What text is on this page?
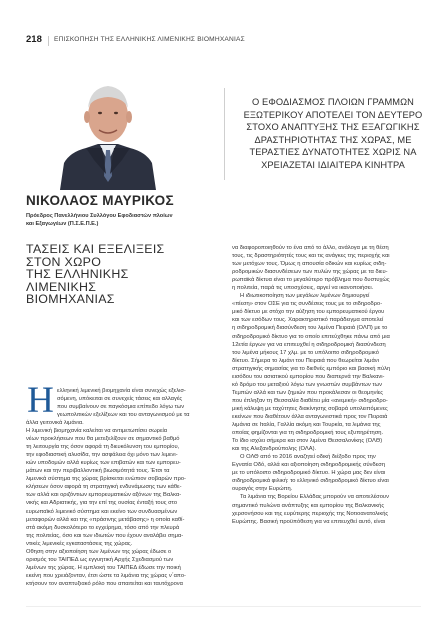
218 ΕΠΙΣΚΟΠΗΣΗ ΤΗΣ ΕΛΛΗΝΙΚΗΣ ΛΙΜΕΝΙΚΗΣ ΒΙΟΜΗΧΑΝΙΑΣ
Ο ΕΦΟΔΙΑΣΜΟΣ ΠΛΟΙΩΝ ΓΡΑΜΜΩΝ
ΕΞΩΤΕΡΙΚΟΥ ΑΠΟΤΕΛΕΙ ΤΟΝ ΔΕΥΤΕΡΟ
ΣΤΟΧΟ ΑΝΑΠΤΥΞΗΣ ΤΗΣ ΕΞΑΓΩΓΙΚΗΣ
ΔΡΑΣΤΗΡΙΟΤΗΤΑΣ ΤΗΣ ΧΩΡΑΣ, ΜΕ
ΤΕΡΑΣΤΙΕΣ ΔΥΝΑΤΟΤΗΤΕΣ ΧΩΡΙΣ ΝΑ
ΧΡΕΙΑΖΕΤΑΙ ΙΔΙΑΙΤΕΡΑ ΚΙΝΗΤΡΑ
ΝΙΚΟΛΑΟΣ ΜΑΥΡΙΚΟΣ
Πρόεδρος Πανελλήνιου Συλλόγου Εφοδιαστών πλοίων
και Εξαγωγέων (Π.Σ.Ε.Π.Ε.)
ΤΑΣΕΙΣ ΚΑΙ ΕΞΕΛΙΞΕΙΣ
ΣΤΟΝ ΧΩΡΟ
ΤΗΣ ΕΛΛΗΝΙΚΗΣ
ΛΙΜΕΝΙΚΗΣ
ΒΙΟΜΗΧΑΝΙΑΣ
Η ελληνική λιμενική βιομηχανία είναι συνεχώς εξελισ-
σόμενη, υπόκειται σε συνεχείς τάσεις και αλλαγές
που συμβαίνουν σε παγκόσμια επίπεδο λόγω των
γεωπολιτικών εξελίξεων και του ανταγωνισμού με τα
άλλα γειτονικά λιμάνια.
Η λιμενική βιομηχανία καλείται να αντιμετωπίσει σωρεία
νέων προκλήσεων που θα μετεξελίξουν σε σημαντικό βαθμό
τη λειτουργία της όσον αφορά τη διευκόλυνση του εμπορίου,
την εφοδιαστική αλυσίδα, την ασφάλεια όχι μόνο των λιμενι-
κών υποδομών αλλά κυρίως των επιβατών και των εμπορευ-
μάτων και την περιβαλλοντική βιωσιμότητά τους. Έτσι τα
λιμενικά σύστημα της χώρας βρίσκεται ενώπιον σοβαρών προ-
κλήσεων όσον αφορά τη στρατηγική ενδυνάμωσης των κάθε-
των αλλά και οριζόντιων εμπορευματικών αξόνων της Βαλκα-
νικής και Αδριατικής, για την επί της ουσίας ένταξή τους στο
ευρωπαϊκό λιμενικό σύστημα και εκείνο των συνδυασμένων
μεταφορών αλλά και της «πράσινης μετάβασης» η οποία καθί-
στά ακόμη δυσκολότερο το εγχείρημα, τόσο από την πλευρά
της πολιτείας, όσο και των ιδιωτών που έχουν αναλάβει σημα-
ντικές λιμενικές εγκαταστάσεις της χώρας.
Οθηση στην αξιοποίηση των λιμένων της χώρας έδωσε ο
ορισμός του ΤΑΙΠΕΔ ως εγγυητική Αρχής Σχεδιασμού των
λιμένων της χώρας. Η εμπλοκή του ΤΑΙΠΕΔ έδωσε την ποική
εκείνη που χρειάζονταν, έτσι ώστε τα λιμάνια της χώρας ν΄απο-
κτήσουν τον αναπτυξιακό ρόλο που απαιτείται και ταυτόχρονα
να διαφοροποιηθούν το ένα από το άλλο, ανάλογα με τη θέση
τους, τις δραστηριότητές τους και τις ανάγκες της περιοχής και
των μετόχων τους. Όμως η απουσία οδικών και κυρίως σιδη-
ροδρομικών διασυνδέσεων των πυλών της χώρας με τα διευ-
ρωπαϊκά δίκτυα είναι το μεγαλύτερο πρόβλημα που δυστυχώς
η πολιτεία, παρά τις υποσχέσεις, αργεί να ικανοποιήσει.
Η ιδιωτικοποίηση των μεγάλων λιμένων δημιουργεί
«πίεση» στον ΟΣΕ για τις συνδέσεις τους με το σιδηροδρο-
μικό δίκτυο με στόχο την αύξηση του εμπορευματικού έργου
και των εσόδων τους. Χαρακτηριστικό παράδειγμα αποτελεί
η σιδηροδρομική διασύνδεση του λιμένα Πειραιά (ΟΛΠ) με το
σιδηροδρομικό δίκτυο για το οποίο επιτεύχθηκε πάνω από μια
12ετία έργων για να επιτευχθεί η σιδηροδρομική διασύνδεση
του λιμένα μήκους 17 χλμ. με το υπόλοιπο σιδηροδρομικό
δίκτυο. Σήμερα το λιμάνι του Πειραιά που θεωρείται λιμάνι
στρατηγικής σημασίας για το διεθνές εμπόριο και βασική πύλη
εισόδου του ασιατικού εμπορίου που διαπερνά την Βαλκανι-
κό δρόμο του μεταξιού λόγω των γνωστών συμβάντων των
Τεμπών αλλά και των ζημιών που προκάλεσαν οι θεομηνίες
που έπληξαν τη Θεσσαλία διαθέτει μία «ανεμική» σιδηροδρο-
μική κάλυψη με ταχύτητες διακίνησης σοβαρά υπολειπόμενες
εκείνων που διαθέτουν άλλα ανταγωνιστικά προς τον Πειραιά
λιμάνια σε Ιταλία, Γαλλία ακόμη και Τουρκία, τα λιμάνια της
οποίας φημίζονται για τη σιδηροδρομική τους εξυπηρέτηση.
Το ίδιο ισχύει σήμερα και στον λιμένα Θεσσαλονίκης (ΟΛΘ)
και της Αλεξανδρούπολης (ΟΛΑ).
Ο ΟΛΘ από το 2016 αναζητεί οδική διέξοδο προς την
Εγνατία Οδό, αλλά και αξιοποίηση σιδηροδρομικής σύνδεση
με το υπόλοιπο σιδηροδρομικό δίκτυο. Η χώρα μας δεν είναι
σιδηροδρομικά φιλική: το ελληνικό σιδηροδρομικό δίκτυο είναι
ουραγός στην Ευρώπη.
Τα λιμάνια της Βορείου Ελλάδας μπορούν να αποτελέσουν
σημαντικό πυλώνα ανάπτυξης και εμπορίου της Βαλκανικής
χερσονήσου και της ευρύτερης περιοχής της Νοτιοανατολικής
Ευρώπης. Βασική προϋπόθεση για να επιτευχθεί αυτό, είναι
